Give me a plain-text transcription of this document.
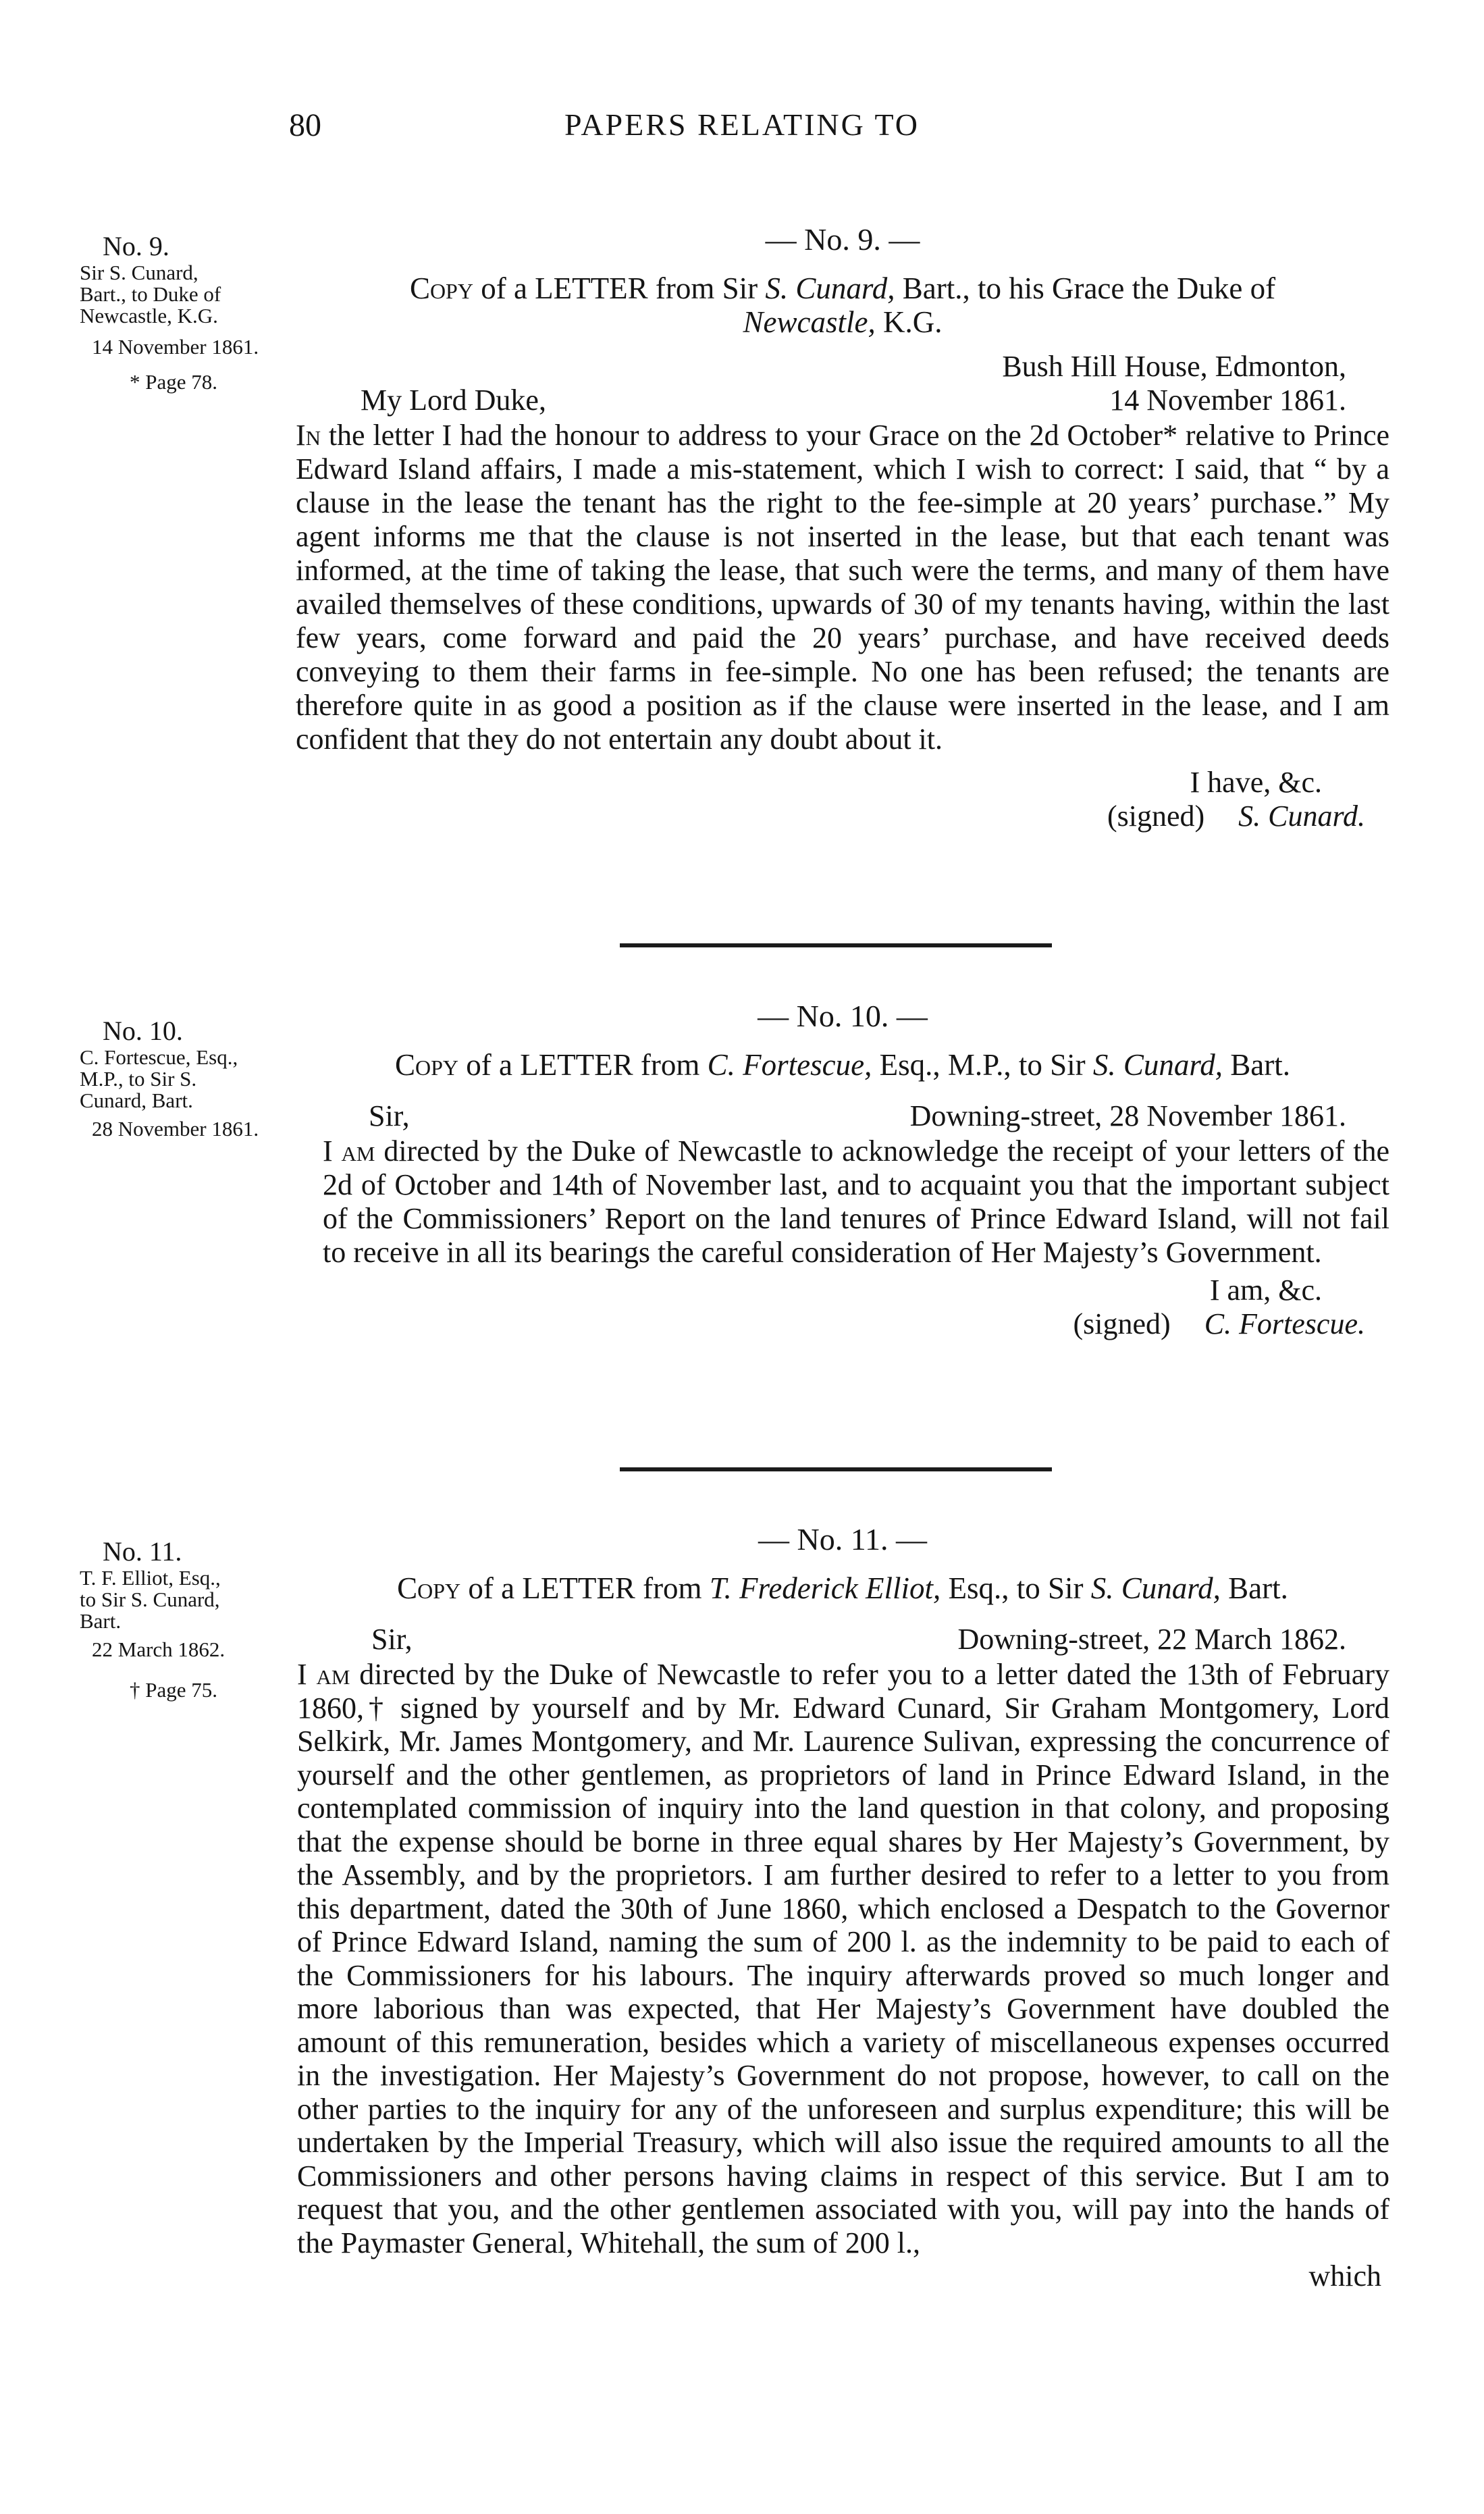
80	PAPERS RELATING TO
No. 9.
Sir S. Cunard,
Bart., to Duke of
Newcastle, K.G.
14 November 1861.
* Page 78.
— No. 9. —
Copy of a LETTER from Sir S. Cunard, Bart., to his Grace the Duke of
Newcastle, K.G.
Bush Hill House, Edmonton,
My Lord Duke,	14 November 1861.
In the letter I had the honour to address to your Grace on the 2d October* relative to Prince Edward Island affairs, I made a mis-statement, which I wish to correct: I said, that “ by a clause in the lease the tenant has the right to the fee-simple at 20 years’ purchase.” My agent informs me that the clause is not inserted in the lease, but that each tenant was informed, at the time of taking the lease, that such were the terms, and many of them have availed themselves of these conditions, upwards of 30 of my tenants having, within the last few years, come forward and paid the 20 years’ purchase, and have received deeds conveying to them their farms in fee-simple. No one has been refused; the tenants are therefore quite in as good a position as if the clause were inserted in the lease, and I am confident that they do not entertain any doubt about it.
I have, &c.
(signed) S. Cunard.
No. 10.
C. Fortescue, Esq.,
M.P., to Sir S.
Cunard, Bart.
28 November 1861.
— No. 10. —
Copy of a LETTER from C. Fortescue, Esq., M.P., to Sir S. Cunard, Bart.
Sir,	Downing-street, 28 November 1861.
I am directed by the Duke of Newcastle to acknowledge the receipt of your letters of the 2d of October and 14th of November last, and to acquaint you that the important subject of the Commissioners’ Report on the land tenures of Prince Edward Island, will not fail to receive in all its bearings the careful consideration of Her Majesty’s Government.
I am, &c.
(signed) C. Fortescue.
No. 11.
T. F. Elliot, Esq.,
to Sir S. Cunard,
Bart.
22 March 1862.
† Page 75.
— No. 11. —
Copy of a LETTER from T. Frederick Elliot, Esq., to Sir S. Cunard, Bart.
Sir,	Downing-street, 22 March 1862.
I am directed by the Duke of Newcastle to refer you to a letter dated the 13th of February 1860,† signed by yourself and by Mr. Edward Cunard, Sir Graham Montgomery, Lord Selkirk, Mr. James Montgomery, and Mr. Laurence Sulivan, expressing the concurrence of yourself and the other gentlemen, as proprietors of land in Prince Edward Island, in the contemplated commission of inquiry into the land question in that colony, and proposing that the expense should be borne in three equal shares by Her Majesty’s Government, by the Assembly, and by the proprietors. I am further desired to refer to a letter to you from this department, dated the 30th of June 1860, which enclosed a Despatch to the Governor of Prince Edward Island, naming the sum of 200 l. as the indemnity to be paid to each of the Commissioners for his labours. The inquiry afterwards proved so much longer and more laborious than was expected, that Her Majesty’s Government have doubled the amount of this remuneration, besides which a variety of miscellaneous expenses occurred in the investigation. Her Majesty’s Government do not propose, however, to call on the other parties to the inquiry for any of the unforeseen and surplus expenditure; this will be undertaken by the Imperial Treasury, which will also issue the required amounts to all the Commissioners and other persons having claims in respect of this service. But I am to request that you, and the other gentlemen associated with you, will pay into the hands of the Paymaster General, Whitehall, the sum of 200 l.,
which
